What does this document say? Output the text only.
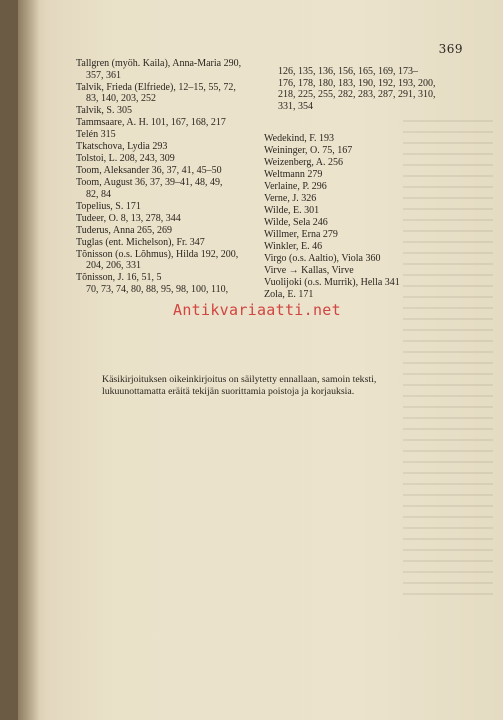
369
Tallgren (myöh. Kaila), Anna-Maria 290,
357, 361
Talvik, Frieda (Elfriede), 12–15, 55, 72,
83, 140, 203, 252
Talvik, S. 305
Tammsaare, A. H. 101, 167, 168, 217
Telén 315
Tkatschova, Lydia 293
Tolstoi, L. 208, 243, 309
Toom, Aleksander 36, 37, 41, 45–50
Toom, August 36, 37, 39–41, 48, 49,
82, 84
Topelius, S. 171
Tudeer, O. 8, 13, 278, 344
Tuderus, Anna 265, 269
Tuglas (ent. Michelson), Fr. 347
Tõnisson (o.s. Lõhmus), Hilda 192, 200,
204, 206, 331
Tõnisson, J. 16, 51, 5
70, 73, 74, 80, 88, 95, 98, 100, 110,
126, 135, 136, 156, 165, 169, 173–
176, 178, 180, 183, 190, 192, 193, 200,
218, 225, 255, 282, 283, 287, 291, 310,
331, 354
Wedekind, F. 193
Weininger, O. 75, 167
Weizenberg, A. 256
Weltmann 279
Verlaine, P. 296
Verne, J. 326
Wilde, E. 301
Wilde, Sela 246
Willmer, Erna 279
Winkler, E. 46
Virgo (o.s. Aaltio), Viola 360
Virve → Kallas, Virve
Vuolijoki (o.s. Murrik), Hella 341
Zola, E. 171
Käsikirjoituksen oikeinkirjoitus on säilytetty ennallaan, samoin teksti, lukuunottamatta eräitä tekijän suorittamia poistoja ja korjauksia.
Antikvariaatti.net
